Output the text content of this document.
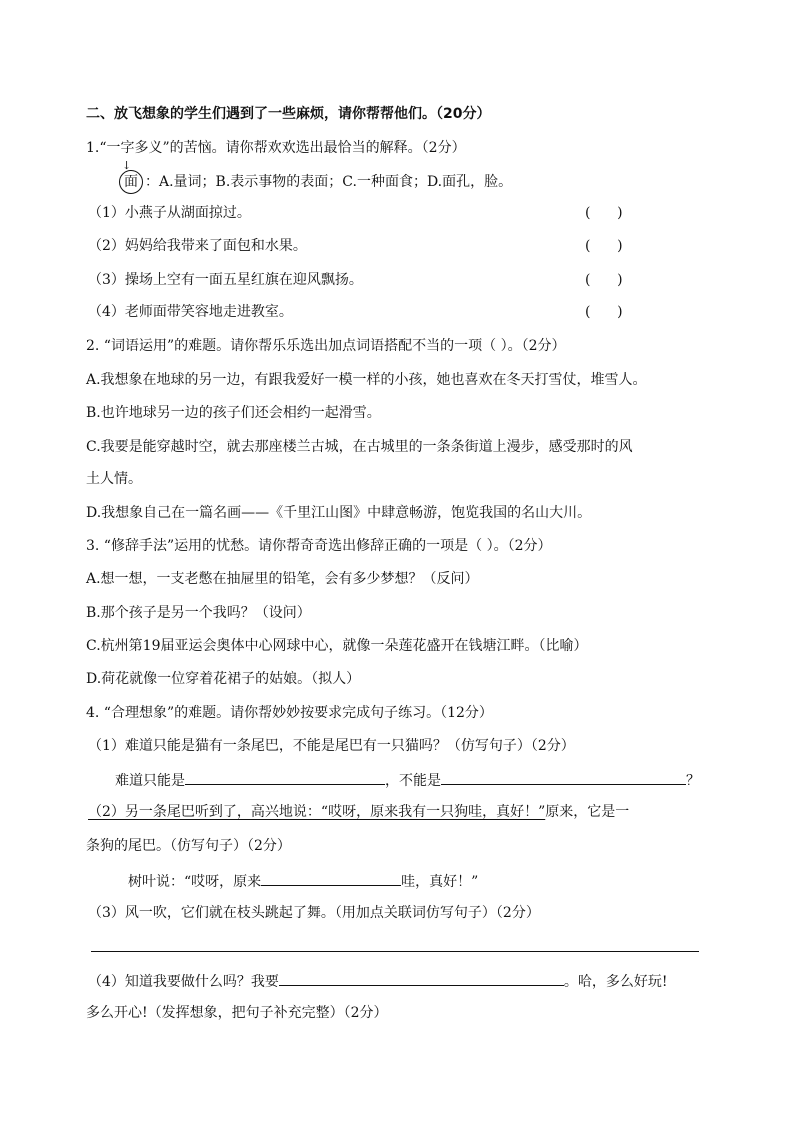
二、放飞想象的学生们遇到了一些麻烦，请你帮帮他们。（20分）
1.“一字多义”的苦恼。请你帮欢欢选出最恰当的解释。（2分）
↓
面 ：A.量词；B.表示事物的表面；C.一种面食；D.面孔，脸。
（1）小燕子从湖面掠过。	(      )
（2）妈妈给我带来了面包和水果。	(      )
（3）操场上空有一面五星红旗在迎风飘扬。	(      )
（4）老师面带笑容地走进教室。	(      )
2. “词语运用”的难题。请你帮乐乐选出加点词语搭配不当的一项（ ）。（2分）
A.我想象在地球的另一边，有跟我爱好一模一样的小孩，她也喜欢在冬天打雪仗，堆雪人。
B.也许地球另一边的孩子们还会相约一起滑雪。
C.我要是能穿越时空，就去那座楼兰古城，在古城里的一条条街道上漫步，感受那时的风
土人情。
D.我想象自己在一篇名画——《千里江山图》中肆意畅游，饱览我国的名山大川。
3. “修辞手法”运用的忧愁。请你帮奇奇选出修辞正确的一项是（ ）。（2分）
A.想一想，一支老憋在抽屉里的铅笔，会有多少梦想？（反问）
B.那个孩子是另一个我吗？（设问）
C.杭州第19届亚运会奥体中心网球中心，就像一朵莲花盛开在钱塘江畔。（比喻）
D.荷花就像一位穿着花裙子的姑娘。（拟人）
4. “合理想象”的难题。请你帮妙妙按要求完成句子练习。（12分）
（1）难道只能是猫有一条尾巴，不能是尾巴有一只猫吗？（仿写句子）（2分）
难道只能是	，不能是	？
（2）另一条尾巴听到了，高兴地说：“哎呀，原来我有一只狗哇，真好！”原来，它是一
条狗的尾巴。（仿写句子）（2分）
树叶说：“哎呀，原来	哇，真好！”
（3）风一吹，它们就在枝头跳起了舞。（用加点关联词仿写句子）（2分）
（4）知道我要做什么吗？我要	。哈，多么好玩!
多么开心!（发挥想象，把句子补充完整）（2分）
